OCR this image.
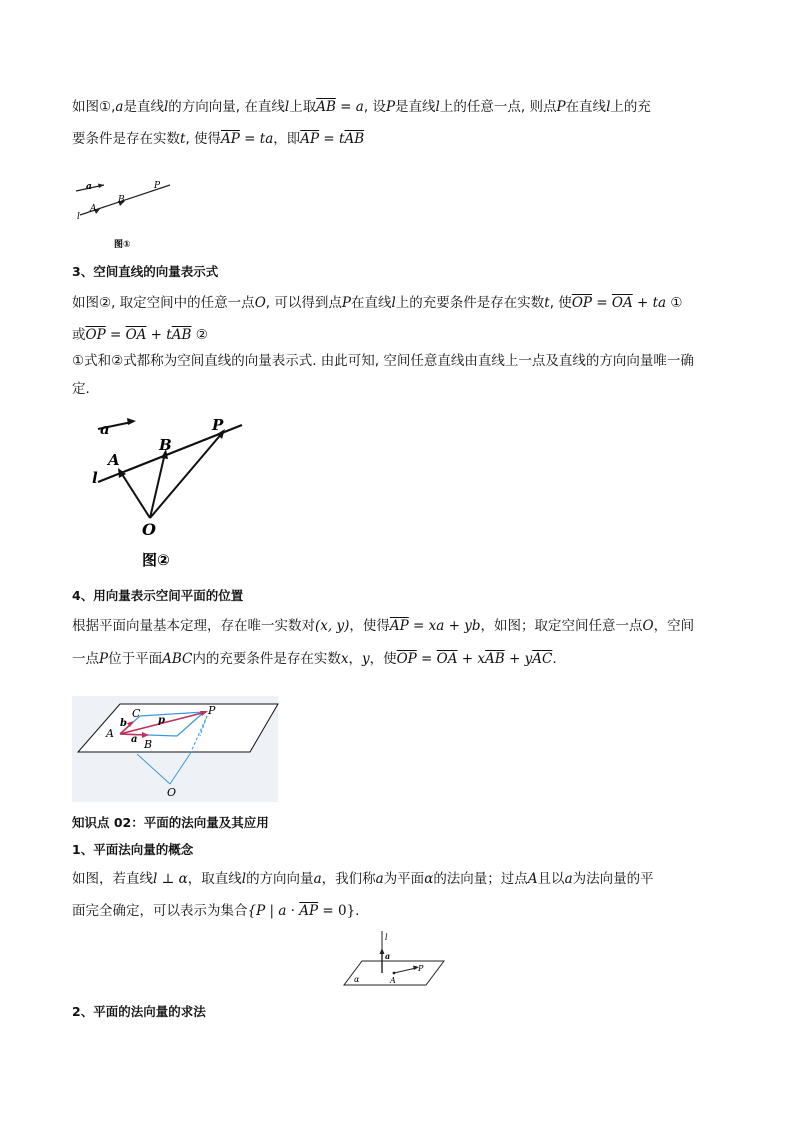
如图①,a是直线l的方向向量, 在直线l上取$\overline{AB} = a$, 设P是直线l上的任意一点, 则点P在直线l上的充
要条件是存在实数t, 使得$\overline{AP}$ = ta，即$\overline{AP} = t\overline{AB}$
a
A
B
P
l
图①
3、空间直线的向量表示式
如图②, 取定空间中的任意一点O, 可以得到点P在直线l上的充要条件是存在实数t, 使$\overline{OP} = \overline{OA}$ + ta ①
或$\overline{OP} = \overline{OA} + t\overline{AB}$ ②
①式和②式都称为空间直线的向量表示式. 由此可知, 空间任意直线由直线上一点及直线的方向向量唯一确
定.
a
A
B
P
l
O
图②
4、用向量表示空间平面的位置
根据平面向量基本定理，存在唯一实数对(x, y)，使得$\overline{AP}$ = xa + yb，如图；取定空间任意一点O，空间
一点P位于平面ABC内的充要条件是存在实数x，y，使$\overline{OP} = \overline{OA} + x\overline{AB} + y\overline{AC}$.
A
B
C	P
O
a
b	p
知识点 02：平面的法向量及其应用
1、平面法向量的概念
如图，若直线l ⊥ α，取直线l的方向向量a，我们称a为平面α的法向量；过点A且以a为法向量的平
面完全确定，可以表示为集合{P | $a \cdot \overline{AP} = 0$}.
l
a
α	A
P
2、平面的法向量的求法
